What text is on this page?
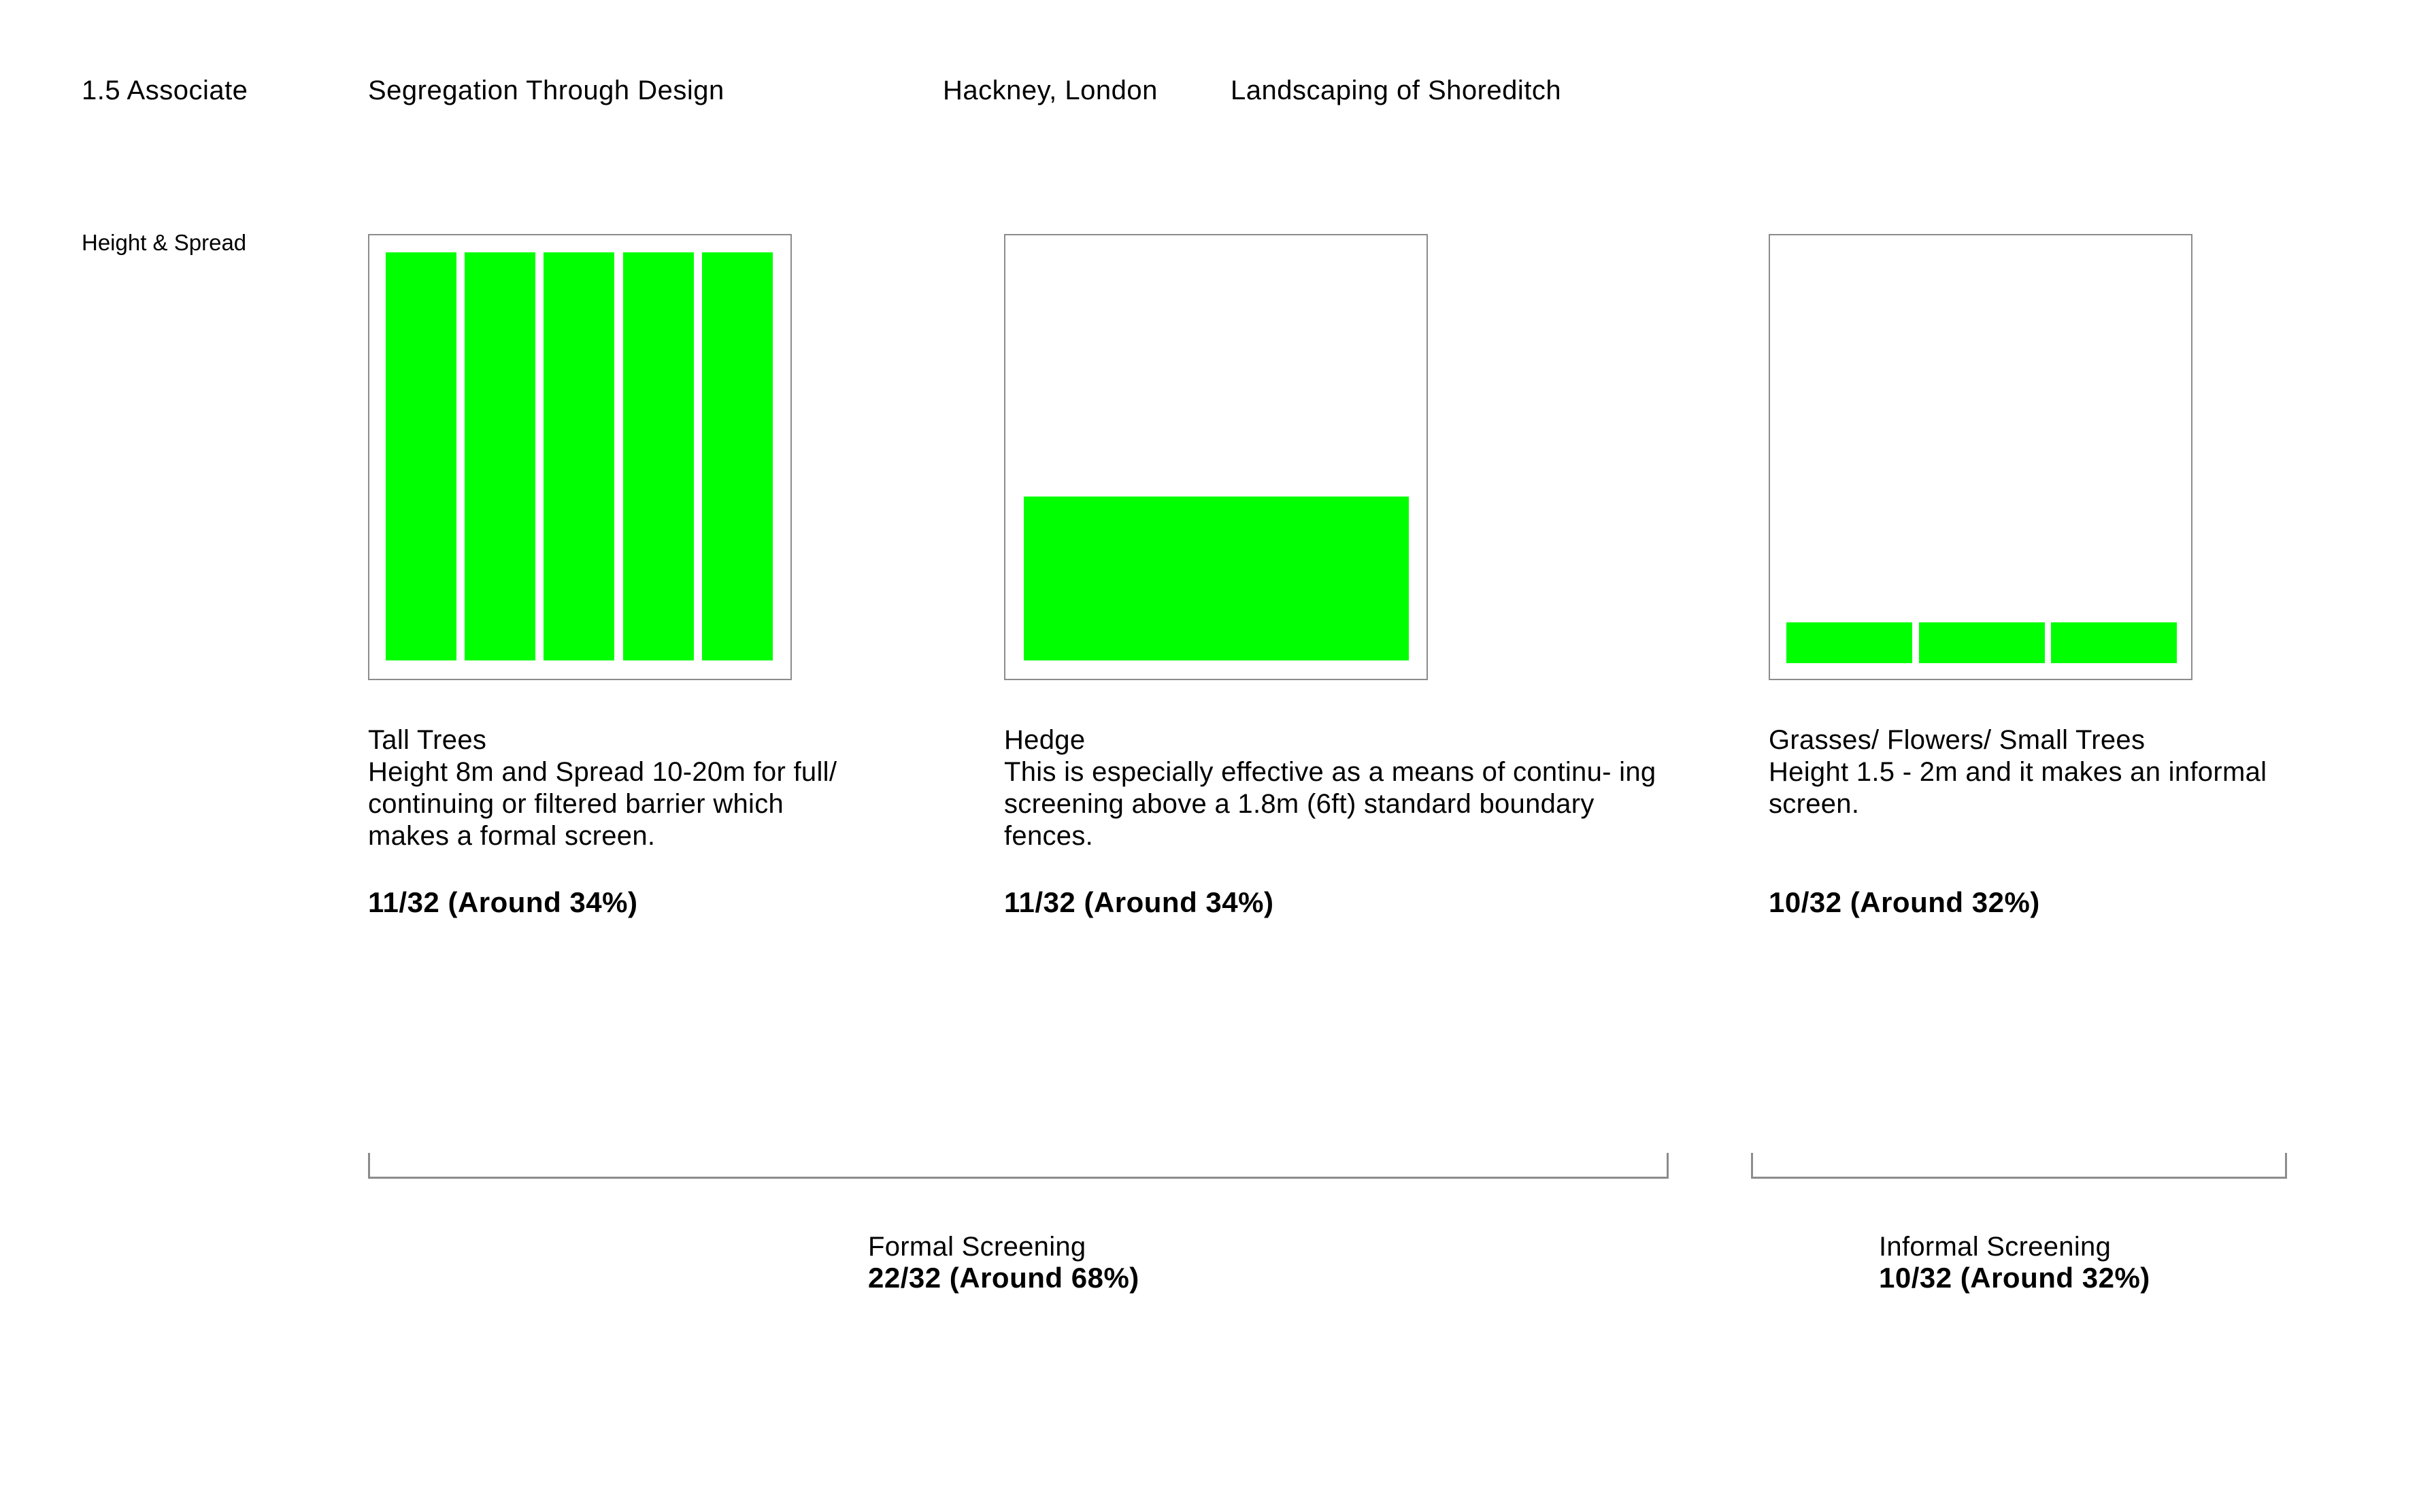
1.5 Associate	Segregation Through Design	Hackney, London	Landscaping of Shoreditch
Height & Spread
Tall Trees
Height 8m and Spread 10-20m for full/ continuing or filtered barrier which makes a formal screen.
11/32 (Around 34%)
Hedge
This is especially effective as a means of continu- ing screening above a 1.8m (6ft) standard boundary fences.
11/32 (Around 34%)
Grasses/ Flowers/ Small Trees
Height 1.5 - 2m and it makes an informal screen.
10/32 (Around 32%)
Formal Screening
22/32 (Around 68%)
Informal Screening
10/32 (Around 32%)
